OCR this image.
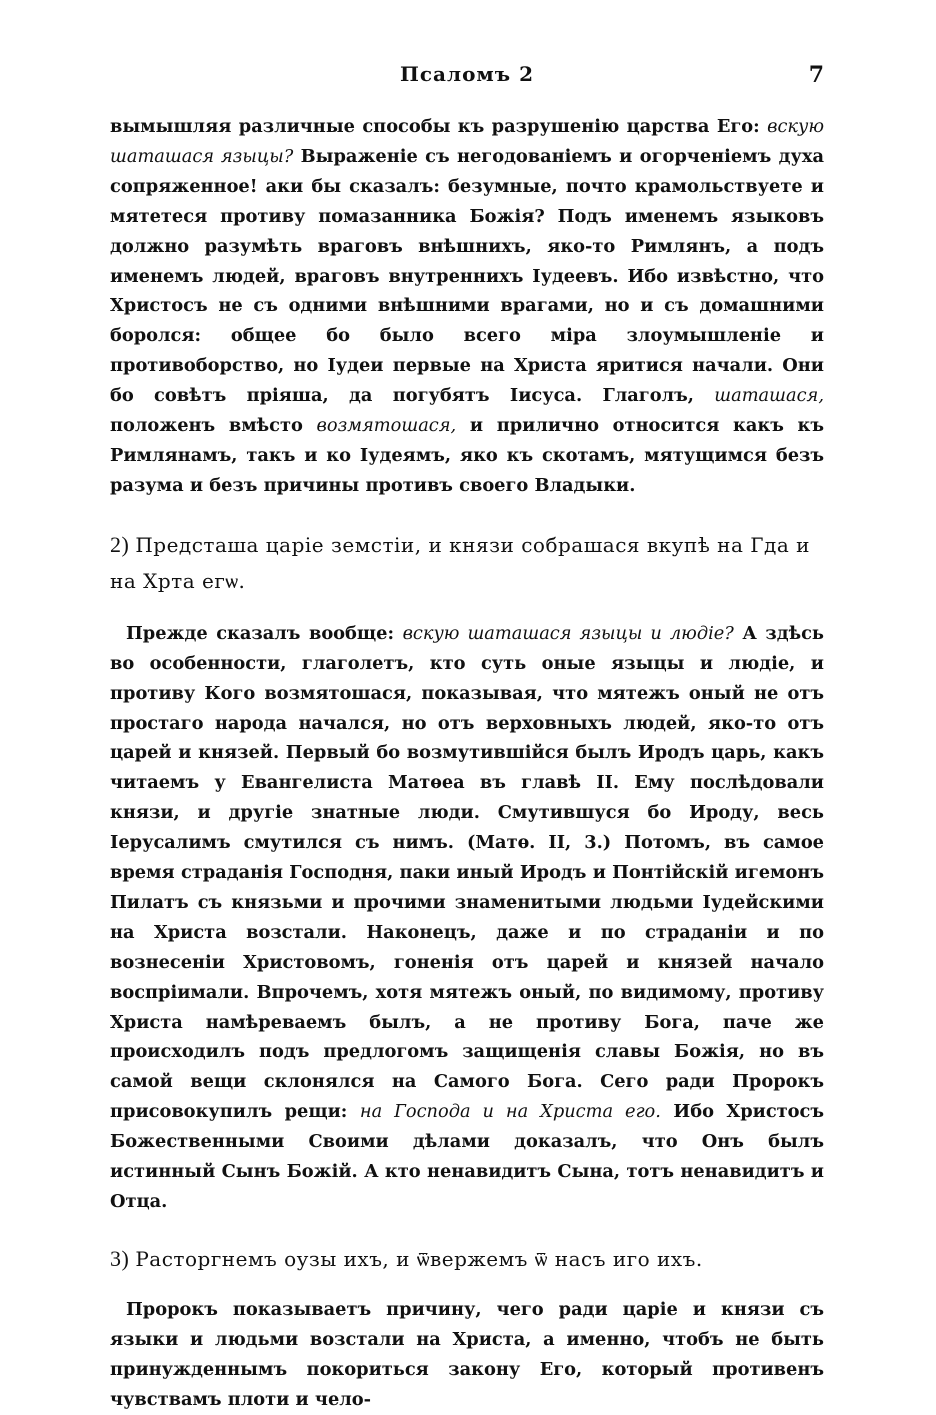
Псаломъ 2	7

вымышляя различные способы къ разрушенію царства Его: вскую шаташася языцы? Выраженіе съ негодованіемъ и огорченіемъ духа сопряженное! аки бы сказалъ: безумные, почто крамольствуете и мятетеся противу помазанника Божія? Подъ именемъ языковъ должно разумѣть враговъ внѣшнихъ, яко-то Римлянъ, а подъ именемъ людей, враговъ внутреннихъ Іудеевъ. Ибо извѣстно, что Христосъ не съ одними внѣшними врагами, но и съ домашними боролся: общее бо было всего міра злоумышленіе и противоборство, но Іудеи первые на Христа яритися начали. Они бо совѣтъ пріяша, да погубятъ Іисуса. Глаголъ, шаташася, положенъ вмѣсто возмятошася, и прилично относится какъ къ Римлянамъ, такъ и ко Іудеямъ, яко къ скотамъ, мятущимся безъ разума и безъ причины противъ своего Владыки.

2) Предсташа царіе земстіи, и князи собрашася вкупѣ на Гда и на Хрта егѡ.

Прежде сказалъ вообще: вскую шаташася языцы и людіе? А здѣсь во особенности, глаголетъ, кто суть оные языцы и людіе, и противу Кого возмятошася, показывая, что мятежъ оный не отъ простаго народа начался, но отъ верховныхъ людей, яко-то отъ царей и князей. Первый бо возмутившійся былъ Иродъ царь, какъ читаемъ у Евангелиста Матѳеа въ главѣ II. Ему послѣдовали князи, и другіе знатные люди. Смутившуся бо Ироду, весь Іерусалимъ смутился съ нимъ. (Матѳ. II, 3.) Потомъ, въ самое время страданія Господня, паки иный Иродъ и Понтійскій игемонъ Пилатъ съ князьми и прочими знаменитыми людьми Іудейскими на Христа возстали. Наконецъ, даже и по страданіи и по вознесеніи Христовомъ, гоненія отъ царей и князей начало воспріимали. Впрочемъ, хотя мятежъ оный, по видимому, противу Христа намѣреваемъ былъ, а не противу Бога, паче же происходилъ подъ предлогомъ защищенія славы Божія, но въ самой вещи склонялся на Самого Бога. Сего ради Пророкъ присовокупилъ рещи: на Господа и на Христа его. Ибо Христосъ Божественными Своими дѣлами доказалъ, что Онъ былъ истинный Сынъ Божій. А кто ненавидитъ Сына, тотъ ненавидитъ и Отца.

3) Расторгнемъ оузы ихъ, и ѿвержемъ ѿ насъ иго ихъ.

Пророкъ показываетъ причину, чего ради царіе и князи съ языки и людьми возстали на Христа, а именно, чтобъ не быть принужденнымъ покориться закону Его, который противенъ чувствамъ плоти и чело-
